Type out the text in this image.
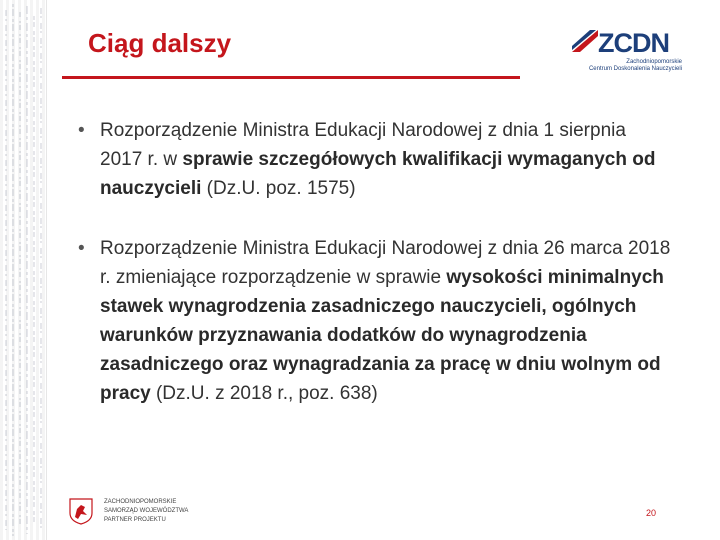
Ciąg dalszy	ZCDN
Zachodniopomorskie
Centrum Doskonalenia Nauczycieli
• Rozporządzenie Ministra Edukacji Narodowej z dnia 1 sierpnia 2017 r. w sprawie szczegółowych kwalifikacji wymaganych od nauczycieli (Dz.U. poz. 1575)
• Rozporządzenie Ministra Edukacji Narodowej z dnia 26 marca 2018 r. zmieniające rozporządzenie w sprawie wysokości minimalnych stawek wynagrodzenia zasadniczego nauczycieli, ogólnych warunków przyznawania dodatków do wynagrodzenia zasadniczego oraz wynagradzania za pracę w dniu wolnym od pracy (Dz.U. z 2018 r., poz. 638)
ZACHODNIOPOMORSKIE
SAMORZĄD WOJEWÓDZTWA
PARTNER PROJEKTU
20
